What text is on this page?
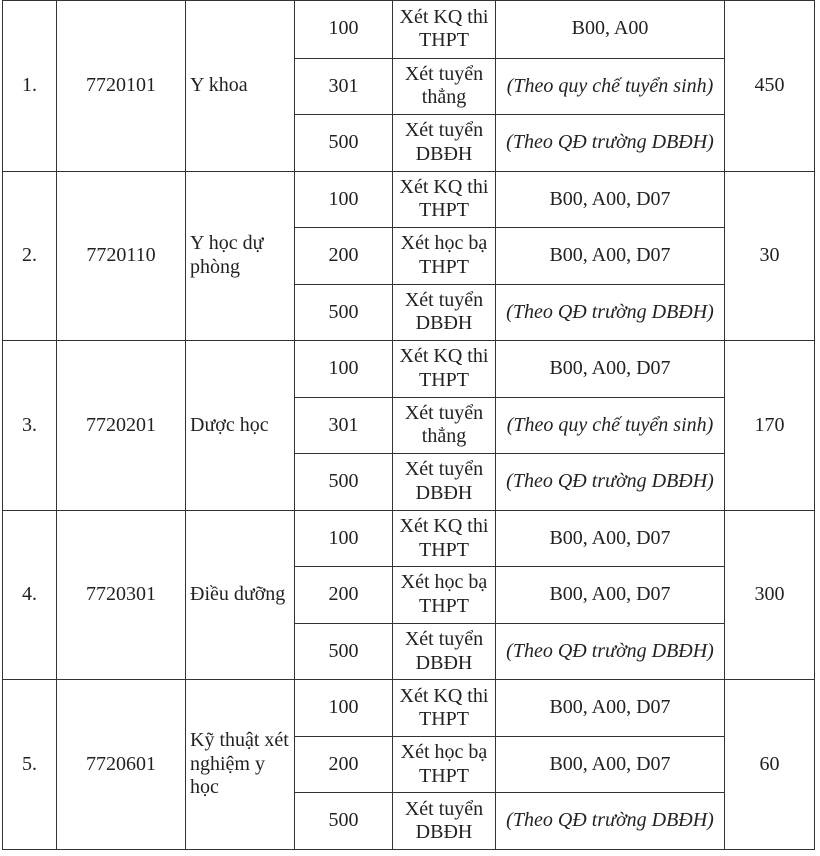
1.	7720101	Y khoa	100	Xét KQ thi THPT	B00, A00	450
			301	Xét tuyển thẳng	(Theo quy chế tuyển sinh)	
			500	Xét tuyển DBĐH	(Theo QĐ trường DBĐH)	
2.	7720110	Y học dự phòng	100	Xét KQ thi THPT	B00, A00, D07	30
			200	Xét học bạ THPT	B00, A00, D07	
			500	Xét tuyển DBĐH	(Theo QĐ trường DBĐH)	
3.	7720201	Dược học	100	Xét KQ thi THPT	B00, A00, D07	170
			301	Xét tuyển thẳng	(Theo quy chế tuyển sinh)	
			500	Xét tuyển DBĐH	(Theo QĐ trường DBĐH)	
4.	7720301	Điều dưỡng	100	Xét KQ thi THPT	B00, A00, D07	300
			200	Xét học bạ THPT	B00, A00, D07	
			500	Xét tuyển DBĐH	(Theo QĐ trường DBĐH)	
5.	7720601	Kỹ thuật xét nghiệm y học	100	Xét KQ thi THPT	B00, A00, D07	60
			200	Xét học bạ THPT	B00, A00, D07	
			500	Xét tuyển DBĐH	(Theo QĐ trường DBĐH)	
